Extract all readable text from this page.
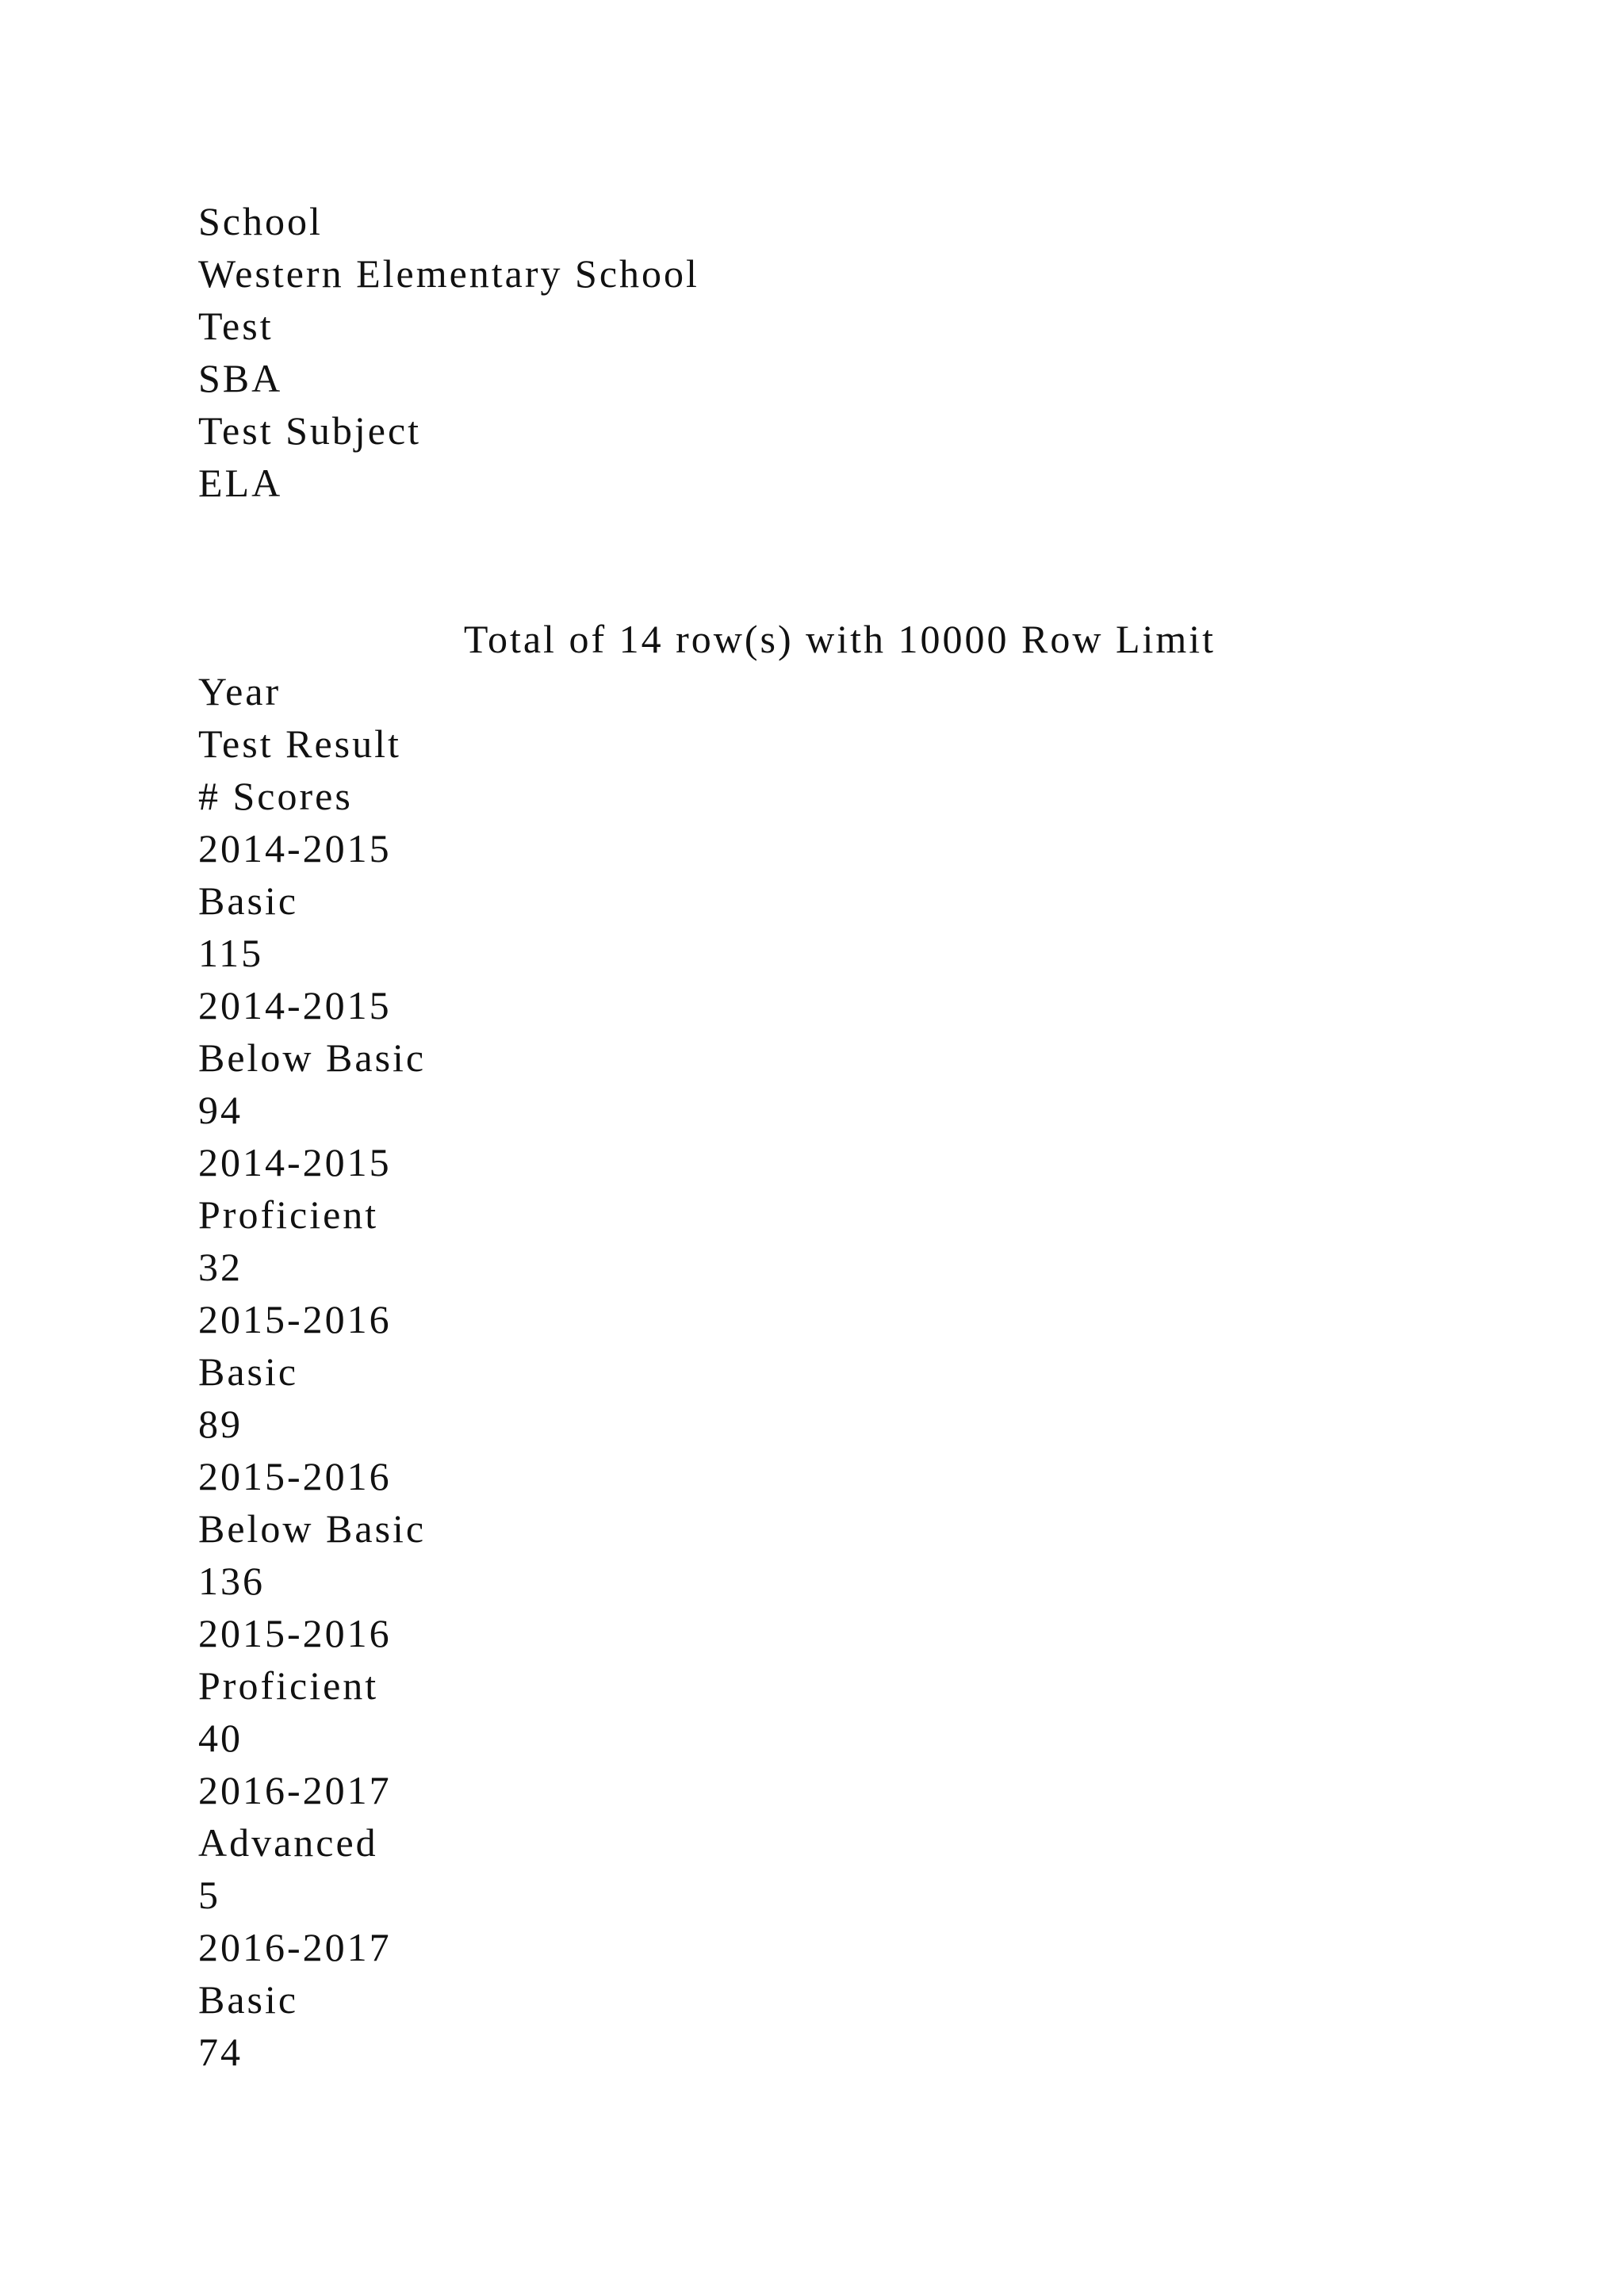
School
Western Elementary School
Test
SBA
Test Subject
ELA
Total of 14 row(s) with 10000 Row Limit
Year
Test Result
# Scores
2014-2015
Basic
115
2014-2015
Below Basic
94
2014-2015
Proficient
32
2015-2016
Basic
89
2015-2016
Below Basic
136
2015-2016
Proficient
40
2016-2017
Advanced
5
2016-2017
Basic
74
